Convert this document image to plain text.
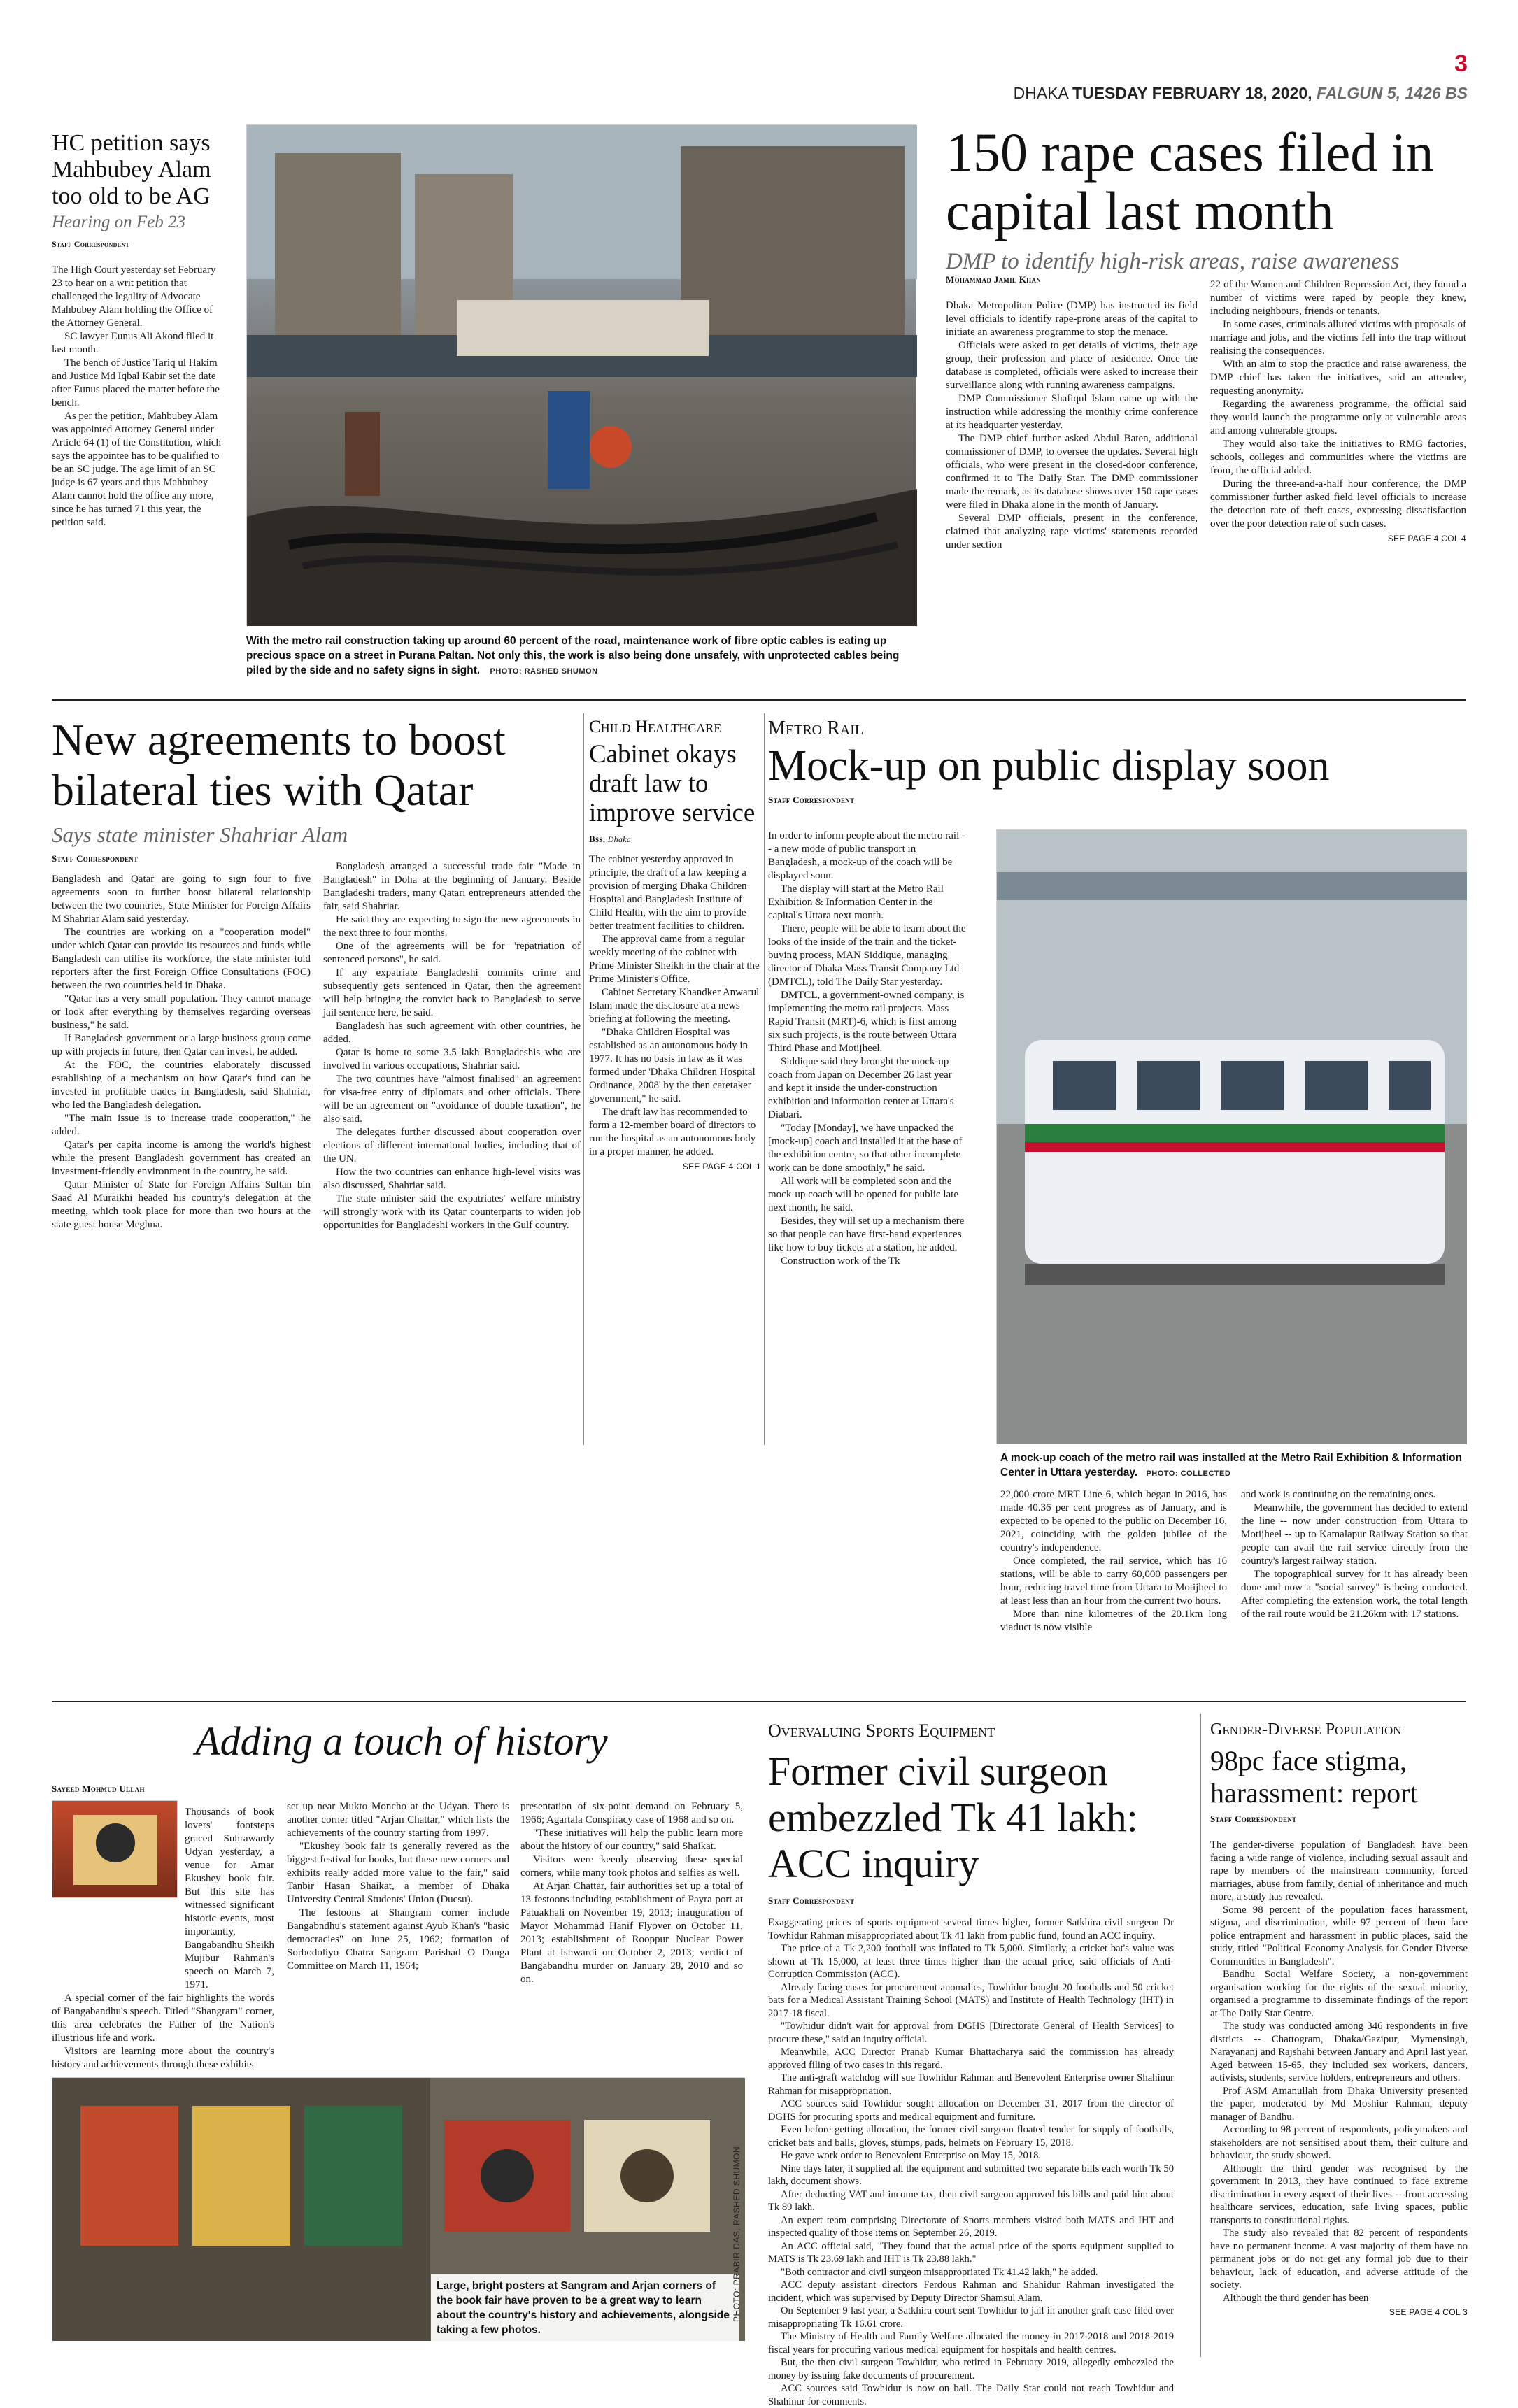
3
DHAKA TUESDAY FEBRUARY 18, 2020, FALGUN 5, 1426 BS
HC petition says Mahbubey Alam too old to be AG
Hearing on Feb 23
Staff Correspondent

The High Court yesterday set February 23 to hear on a writ petition that challenged the legality of Advocate Mahbubey Alam holding the Office of the Attorney General.

SC lawyer Eunus Ali Akond filed it last month.

The bench of Justice Tariq ul Hakim and Justice Md Iqbal Kabir set the date after Eunus placed the matter before the bench.

As per the petition, Mahbubey Alam was appointed Attorney General under Article 64 (1) of the Constitution, which says the appointee has to be qualified to be an SC judge. The age limit of an SC judge is 67 years and thus Mahbubey Alam cannot hold the office any more, since he has turned 71 this year, the petition said.

With the metro rail construction taking up around 60 percent of the road, maintenance work of fibre optic cables is eating up precious space on a street in Purana Paltan. Not only this, the work is also being done unsafely, with unprotected cables being piled by the side and no safety signs in sight. PHOTO: RASHED SHUMON
150 rape cases filed in capital last month
DMP to identify high-risk areas, raise awareness
Mohammad Jamil Khan

Dhaka Metropolitan Police (DMP) has instructed its field level officials to identify rape-prone areas of the capital to initiate an awareness programme to stop the menace.

Officials were asked to get details of victims, their age group, their profession and place of residence. Once the database is completed, officials were asked to increase their surveillance along with running awareness campaigns.

DMP Commissioner Shafiqul Islam came up with the instruction while addressing the monthly crime conference at its headquarter yesterday.

The DMP chief further asked Abdul Baten, additional commissioner of DMP, to oversee the updates. Several high officials, who were present in the closed-door conference, confirmed it to The Daily Star. The DMP commissioner made the remark, as its database shows over 150 rape cases were filed in Dhaka alone in the month of January.

Several DMP officials, present in the conference, claimed that analyzing rape victims' statements recorded under section

22 of the Women and Children Repression Act, they found a number of victims were raped by people they knew, including neighbours, friends or tenants.

In some cases, criminals allured victims with proposals of marriage and jobs, and the victims fell into the trap without realising the consequences.

With an aim to stop the practice and raise awareness, the DMP chief has taken the initiatives, said an attendee, requesting anonymity.

Regarding the awareness programme, the official said they would launch the programme only at vulnerable areas and among vulnerable groups.

They would also take the initiatives to RMG factories, schools, colleges and communities where the victims are from, the official added.

During the three-and-a-half hour conference, the DMP commissioner further asked field level officials to increase the detection rate of theft cases, expressing dissatisfaction over the poor detection rate of such cases.

SEE PAGE 4 COL 4
New agreements to boost bilateral ties with Qatar
Says state minister Shahriar Alam
Staff Correspondent

Bangladesh and Qatar are going to sign four to five agreements soon to further boost bilateral relationship between the two countries, State Minister for Foreign Affairs M Shahriar Alam said yesterday.

The countries are working on a "cooperation model" under which Qatar can provide its resources and funds while Bangladesh can utilise its workforce, the state minister told reporters after the first Foreign Office Consultations (FOC) between the two countries held in Dhaka.

"Qatar has a very small population. They cannot manage or look after everything by themselves regarding overseas business," he said.

If Bangladesh government or a large business group come up with projects in future, then Qatar can invest, he added.

At the FOC, the countries elaborately discussed establishing of a mechanism on how Qatar's fund can be invested in profitable trades in Bangladesh, said Shahriar, who led the Bangladesh delegation.

"The main issue is to increase trade cooperation," he added.

Qatar's per capita income is among the world's highest while the present Bangladesh government has created an investment-friendly environment in the country, he said.

Qatar Minister of State for Foreign Affairs Sultan bin Saad Al Muraikhi headed his country's delegation at the meeting, which took place for more than two hours at the state guest house Meghna.

Bangladesh arranged a successful trade fair "Made in Bangladesh" in Doha at the beginning of January. Beside Bangladeshi traders, many Qatari entrepreneurs attended the fair, said Shahriar.

He said they are expecting to sign the new agreements in the next three to four months.

One of the agreements will be for "repatriation of sentenced persons", he said.

If any expatriate Bangladeshi commits crime and subsequently gets sentenced in Qatar, then the agreement will help bringing the convict back to Bangladesh to serve jail sentence here, he said.

Bangladesh has such agreement with other countries, he added.

Qatar is home to some 3.5 lakh Bangladeshis who are involved in various occupations, Shahriar said.

The two countries have "almost finalised" an agreement for visa-free entry of diplomats and other officials. There will be an agreement on "avoidance of double taxation", he also said.

The delegates further discussed about cooperation over elections of different international bodies, including that of the UN.

How the two countries can enhance high-level visits was also discussed, Shahriar said.

The state minister said the expatriates' welfare ministry will strongly work with its Qatar counterparts to widen job opportunities for Bangladeshi workers in the Gulf country.

Child Healthcare
Cabinet okays draft law to improve service
Bss, Dhaka

The cabinet yesterday approved in principle, the draft of a law keeping a provision of merging Dhaka Children Hospital and Bangladesh Institute of Child Health, with the aim to provide better treatment facilities to children.

The approval came from a regular weekly meeting of the cabinet with Prime Minister Sheikh in the chair at the Prime Minister's Office.

Cabinet Secretary Khandker Anwarul Islam made the disclosure at a news briefing at following the meeting.

"Dhaka Children Hospital was established as an autonomous body in 1977. It has no basis in law as it was formed under 'Dhaka Children Hospital Ordinance, 2008' by the then caretaker government," he said.

The draft law has recommended to form a 12-member board of directors to run the hospital as an autonomous body in a proper manner, he added.

SEE PAGE 4 COL 1
Metro Rail
Mock-up on public display soon
Staff Correspondent

In order to inform people about the metro rail -- a new mode of public transport in Bangladesh, a mock-up of the coach will be displayed soon.

The display will start at the Metro Rail Exhibition & Information Center in the capital's Uttara next month.

There, people will be able to learn about the looks of the inside of the train and the ticket-buying process, MAN Siddique, managing director of Dhaka Mass Transit Company Ltd (DMTCL), told The Daily Star yesterday.

DMTCL, a government-owned company, is implementing the metro rail projects. Mass Rapid Transit (MRT)-6, which is first among six such projects, is the route between Uttara Third Phase and Motijheel.

Siddique said they brought the mock-up coach from Japan on December 26 last year and kept it inside the under-construction exhibition and information center at Uttara's Diabari.

"Today [Monday], we have unpacked the [mock-up] coach and installed it at the base of the exhibition centre, so that other incomplete work can be done smoothly," he said.

All work will be completed soon and the mock-up coach will be opened for public late next month, he said.

Besides, they will set up a mechanism there so that people can have first-hand experiences like how to buy tickets at a station, he added.

Construction work of the Tk

A mock-up coach of the metro rail was installed at the Metro Rail Exhibition & Information Center in Uttara yesterday. PHOTO: COLLECTED

22,000-crore MRT Line-6, which began in 2016, has made 40.36 per cent progress as of January, and is expected to be opened to the public on December 16, 2021, coinciding with the golden jubilee of the country's independence.

Once completed, the rail service, which has 16 stations, will be able to carry 60,000 passengers per hour, reducing travel time from Uttara to Motijheel to at least less than an hour from the current two hours.

More than nine kilometres of the 20.1km long viaduct is now visible

and work is continuing on the remaining ones.

Meanwhile, the government has decided to extend the line -- now under construction from Uttara to Motijheel -- up to Kamalapur Railway Station so that people can avail the rail service directly from the country's largest railway station.

The topographical survey for it has already been done and now a "social survey" is being conducted. After completing the extension work, the total length of the rail route would be 21.26km with 17 stations.

Adding a touch of history
Sayeed Mohmud Ullah

Thousands of book lovers' footsteps graced Suhrawardy Udyan yesterday, a venue for Amar Ekushey book fair. But this site has witnessed significant historic events, most importantly, Bangabandhu Sheikh Mujibur Rahman's speech on March 7, 1971.

A special corner of the fair highlights the words of Bangabandhu's speech. Titled "Shangram" corner, this area celebrates the Father of the Nation's illustrious life and work.

Visitors are learning more about the country's history and achievements through these exhibits

set up near Mukto Moncho at the Udyan. There is another corner titled "Arjan Chattar," which lists the achievements of the country starting from 1997.

"Ekushey book fair is generally revered as the biggest festival for books, but these new corners and exhibits really added more value to the fair," said Tanbir Hasan Shaikat, a member of Dhaka University Central Students' Union (Ducsu).

The festoons at Shangram corner include Bangabndhu's statement against Ayub Khan's "basic democracies" on June 25, 1962; formation of Sorbodoliyo Chatra Sangram Parishad O Danga Committee on March 11, 1964;

presentation of six-point demand on February 5, 1966; Agartala Conspiracy case of 1968 and so on.

"These initiatives will help the public learn more about the history of our country," said Shaikat.

Visitors were keenly observing these special corners, while many took photos and selfies as well.

At Arjan Chattar, fair authorities set up a total of 13 festoons including establishment of Payra port at Patuakhali on November 19, 2013; inauguration of Mayor Mohammad Hanif Flyover on October 11, 2013; establishment of Rooppur Nuclear Power Plant at Ishwardi on October 2, 2013; verdict of Bangabandhu murder on January 28, 2010 and so on.

Large, bright posters at Sangram and Arjan corners of the book fair have proven to be a great way to learn about the country's history and achievements, alongside taking a few photos.
PHOTO: PRABIR DAS, RASHED SHUMON
Overvaluing Sports Equipment
Former civil surgeon embezzled Tk 41 lakh: ACC inquiry
Staff Correspondent

Exaggerating prices of sports equipment several times higher, former Satkhira civil surgeon Dr Towhidur Rahman misappropriated about Tk 41 lakh from public fund, found an ACC inquiry.

The price of a Tk 2,200 football was inflated to Tk 5,000. Similarly, a cricket bat's value was shown at Tk 15,000, at least three times higher than the actual price, said officials of Anti-Corruption Commission (ACC).

Already facing cases for procurement anomalies, Towhidur bought 20 footballs and 50 cricket bats for a Medical Assistant Training School (MATS) and Institute of Health Technology (IHT) in 2017-18 fiscal.

"Towhidur didn't wait for approval from DGHS [Directorate General of Health Services] to procure these," said an inquiry official.

Meanwhile, ACC Director Pranab Kumar Bhattacharya said the commission has already approved filing of two cases in this regard.

The anti-graft watchdog will sue Towhidur Rahman and Benevolent Enterprise owner Shahinur Rahman for misappropriation.

ACC sources said Towhidur sought allocation on December 31, 2017 from the director of DGHS for procuring sports and medical equipment and furniture.

Even before getting allocation, the former civil surgeon floated tender for supply of footballs, cricket bats and balls, gloves, stumps, pads, helmets on February 15, 2018.

He gave work order to Benevolent Enterprise on May 15, 2018.

Nine days later, it supplied all the equipment and submitted two separate bills each worth Tk 50 lakh, document shows.

After deducting VAT and income tax, then civil surgeon approved his bills and paid him about Tk 89 lakh.

An expert team comprising Directorate of Sports members visited both MATS and IHT and inspected quality of those items on September 26, 2019.

An ACC official said, "They found that the actual price of the sports equipment supplied to MATS is Tk 23.69 lakh and IHT is Tk 23.88 lakh."

"Both contractor and civil surgeon misappropriated Tk 41.42 lakh," he added.

ACC deputy assistant directors Ferdous Rahman and Shahidur Rahman investigated the incident, which was supervised by Deputy Director Shamsul Alam.

On September 9 last year, a Satkhira court sent Towhidur to jail in another graft case filed over misappropriating Tk 16.61 crore.

The Ministry of Health and Family Welfare allocated the money in 2017-2018 and 2018-2019 fiscal years for procuring various medical equipment for hospitals and health centres.

But, the then civil surgeon Towhidur, who retired in February 2019, allegedly embezzled the money by issuing fake documents of procurement.

ACC sources said Towhidur is now on bail. The Daily Star could not reach Towhidur and Shahinur for comments.

Gender-Diverse Population
98pc face stigma, harassment: report
Staff Correspondent

The gender-diverse population of Bangladesh have been facing a wide range of violence, including sexual assault and rape by members of the mainstream community, forced marriages, abuse from family, denial of inheritance and much more, a study has revealed.

Some 98 percent of the population faces harassment, stigma, and discrimination, while 97 percent of them face police entrapment and harassment in public places, said the study, titled "Political Economy Analysis for Gender Diverse Communities in Bangladesh".

Bandhu Social Welfare Society, a non-government organisation working for the rights of the sexual minority, organised a programme to disseminate findings of the report at The Daily Star Centre.

The study was conducted among 346 respondents in five districts -- Chattogram, Dhaka/Gazipur, Mymensingh, Narayananj and Rajshahi between January and April last year. Aged between 15-65, they included sex workers, dancers, activists, students, service holders, entrepreneurs and others.

Prof ASM Amanullah from Dhaka University presented the paper, moderated by Md Moshiur Rahman, deputy manager of Bandhu.

According to 98 percent of respondents, policymakers and stakeholders are not sensitised about them, their culture and behaviour, the study showed.

Although the third gender was recognised by the government in 2013, they have continued to face extreme discrimination in every aspect of their lives -- from accessing healthcare services, education, safe living spaces, public transports to constitutional rights.

The study also revealed that 82 percent of respondents have no permanent income. A vast majority of them have no permanent jobs or do not get any formal job due to their behaviour, lack of education, and adverse attitude of the society.

Although the third gender has been

SEE PAGE 4 COL 3
